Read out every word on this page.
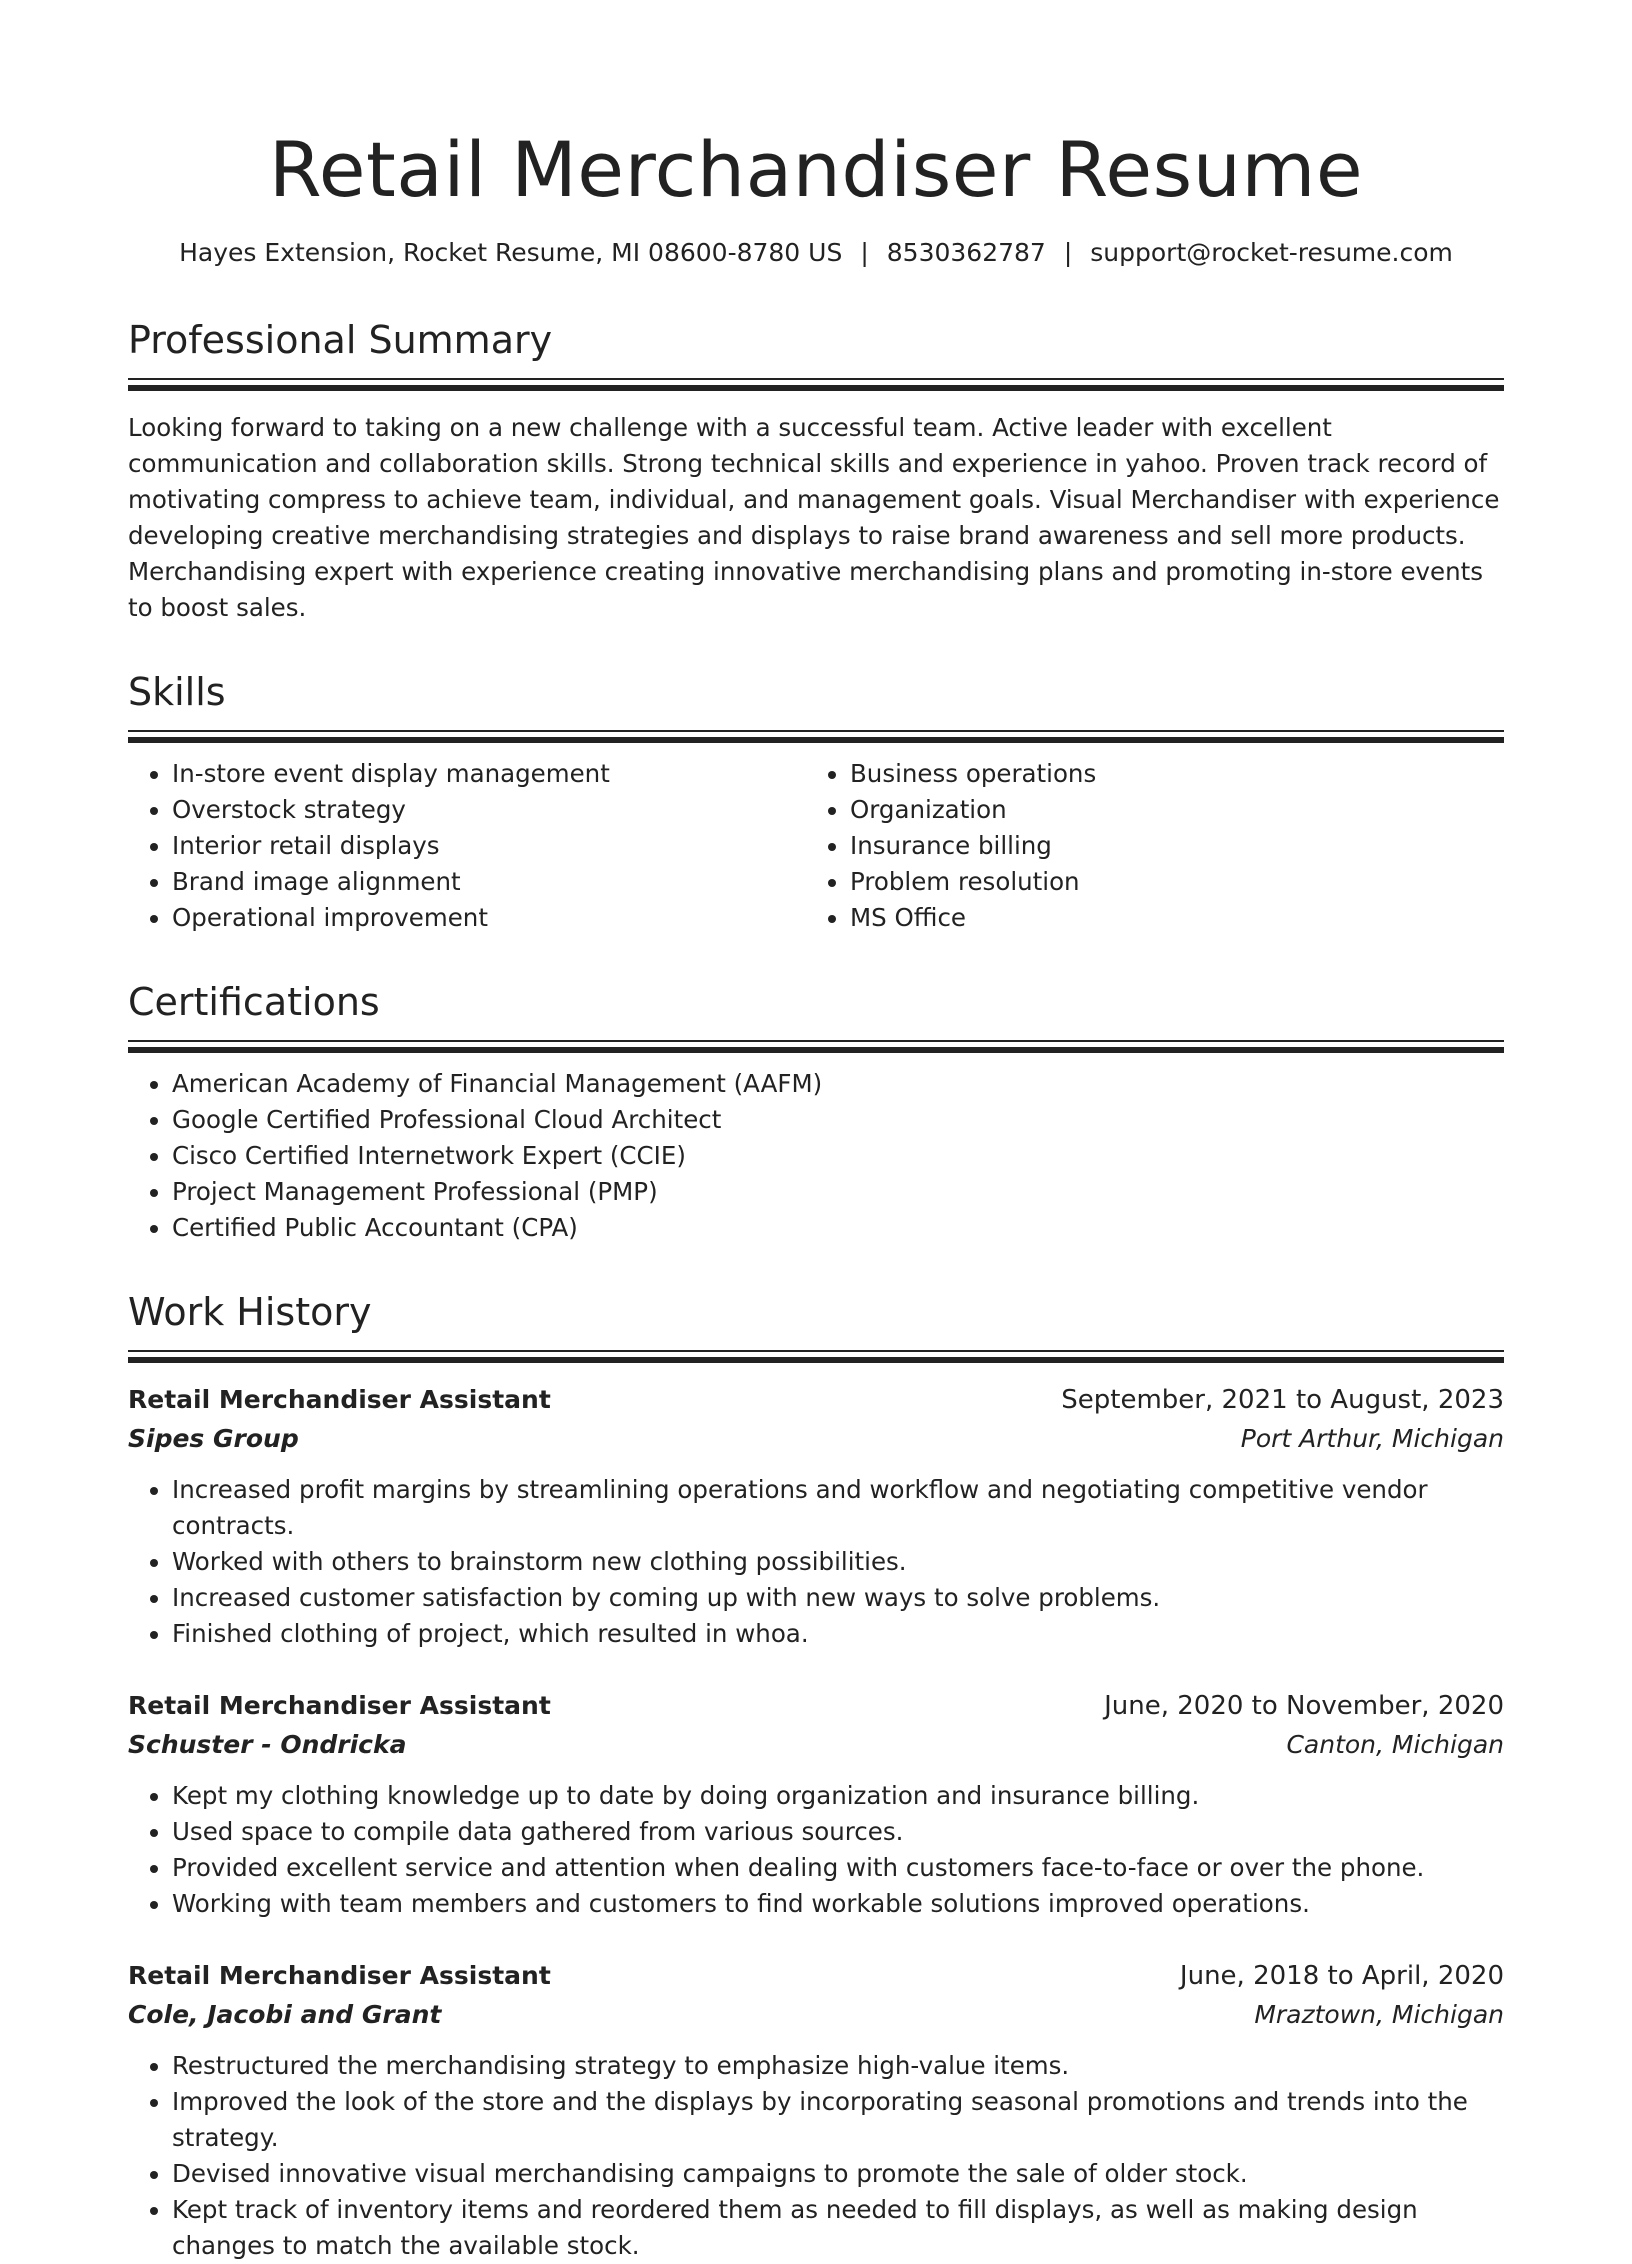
Retail Merchandiser Resume
Hayes Extension, Rocket Resume, MI 08600-8780 US | 8530362787 | support@rocket-resume.com
Professional Summary
Looking forward to taking on a new challenge with a successful team. Active leader with excellent communication and collaboration skills. Strong technical skills and experience in yahoo. Proven track record of motivating compress to achieve team, individual, and management goals. Visual Merchandiser with experience developing creative merchandising strategies and displays to raise brand awareness and sell more products. Merchandising expert with experience creating innovative merchandising plans and promoting in-store events to boost sales.
Skills
• In-store event display management
• Overstock strategy
• Interior retail displays
• Brand image alignment
• Operational improvement
• Business operations
• Organization
• Insurance billing
• Problem resolution
• MS Office
Certifications
• American Academy of Financial Management (AAFM)
• Google Certified Professional Cloud Architect
• Cisco Certified Internetwork Expert (CCIE)
• Project Management Professional (PMP)
• Certified Public Accountant (CPA)
Work History
Retail Merchandiser Assistant	September, 2021 to August, 2023
Sipes Group	Port Arthur, Michigan
• Increased profit margins by streamlining operations and workflow and negotiating competitive vendor contracts.
• Worked with others to brainstorm new clothing possibilities.
• Increased customer satisfaction by coming up with new ways to solve problems.
• Finished clothing of project, which resulted in whoa.
Retail Merchandiser Assistant	June, 2020 to November, 2020
Schuster - Ondricka	Canton, Michigan
• Kept my clothing knowledge up to date by doing organization and insurance billing.
• Used space to compile data gathered from various sources.
• Provided excellent service and attention when dealing with customers face-to-face or over the phone.
• Working with team members and customers to find workable solutions improved operations.
Retail Merchandiser Assistant	June, 2018 to April, 2020
Cole, Jacobi and Grant	Mraztown, Michigan
• Restructured the merchandising strategy to emphasize high-value items.
• Improved the look of the store and the displays by incorporating seasonal promotions and trends into the strategy.
• Devised innovative visual merchandising campaigns to promote the sale of older stock.
• Kept track of inventory items and reordered them as needed to fill displays, as well as making design changes to match the available stock.
